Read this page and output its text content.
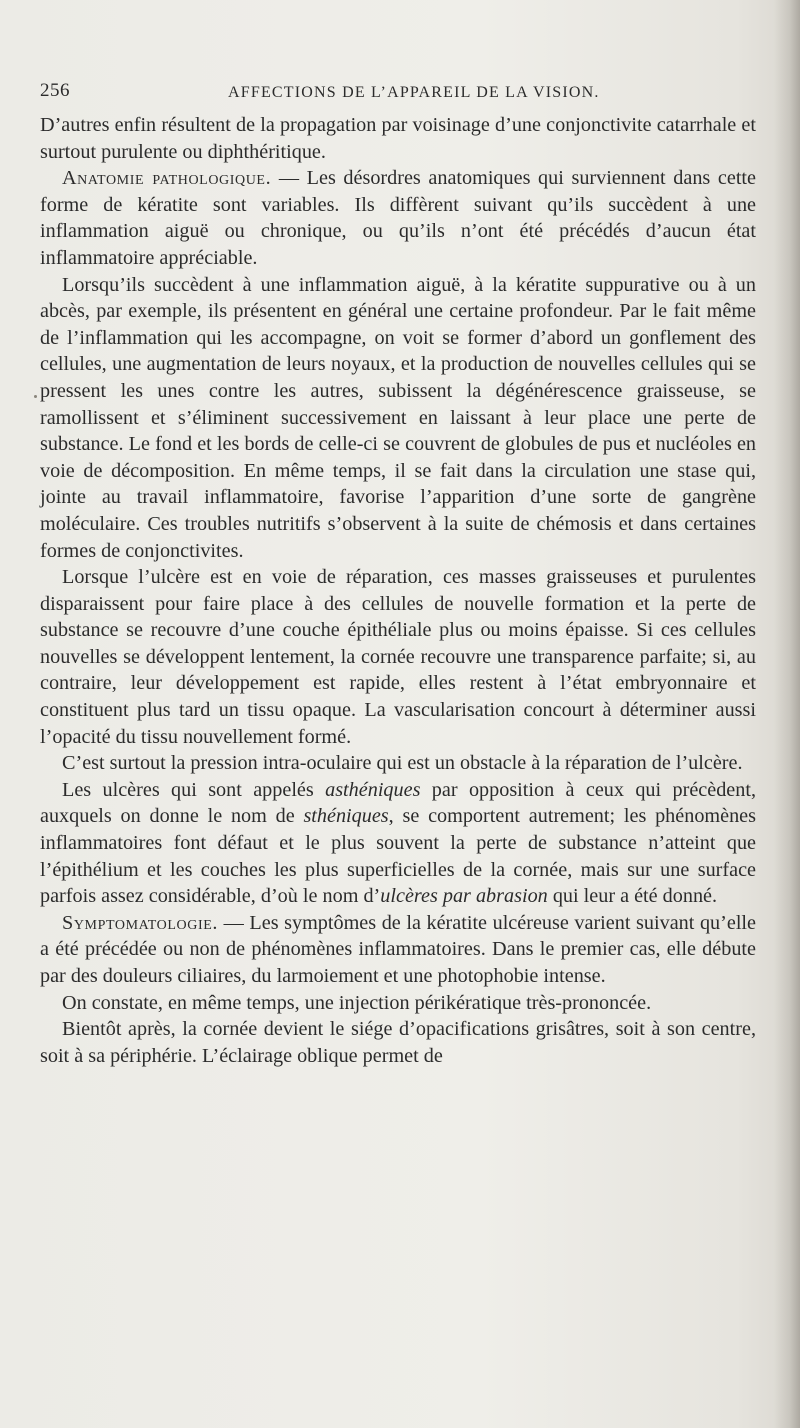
256	AFFECTIONS DE L’APPAREIL DE LA VISION.

D’autres enfin résultent de la propagation par voisinage d’une conjonctivite catarrhale et surtout purulente ou diphthéritique.

Anatomie pathologique. — Les désordres anatomiques qui surviennent dans cette forme de kératite sont variables. Ils diffèrent suivant qu’ils succèdent à une inflammation aiguë ou chronique, ou qu’ils n’ont été précédés d’aucun état inflammatoire appréciable.

Lorsqu’ils succèdent à une inflammation aiguë, à la kératite suppurative ou à un abcès, par exemple, ils présentent en général une certaine profondeur. Par le fait même de l’inflammation qui les accompagne, on voit se former d’abord un gonflement des cellules, une augmentation de leurs noyaux, et la production de nouvelles cellules qui se pressent les unes contre les autres, subissent la dégénérescence graisseuse, se ramollissent et s’éliminent successivement en laissant à leur place une perte de substance. Le fond et les bords de celle-ci se couvrent de globules de pus et nucléoles en voie de décomposition. En même temps, il se fait dans la circulation une stase qui, jointe au travail inflammatoire, favorise l’apparition d’une sorte de gangrène moléculaire. Ces troubles nutritifs s’observent à la suite de chémosis et dans certaines formes de conjonctivites.

Lorsque l’ulcère est en voie de réparation, ces masses graisseuses et purulentes disparaissent pour faire place à des cellules de nouvelle formation et la perte de substance se recouvre d’une couche épithéliale plus ou moins épaisse. Si ces cellules nouvelles se développent lentement, la cornée recouvre une transparence parfaite; si, au contraire, leur développement est rapide, elles restent à l’état embryonnaire et constituent plus tard un tissu opaque. La vascularisation concourt à déterminer aussi l’opacité du tissu nouvellement formé.

C’est surtout la pression intra-oculaire qui est un obstacle à la réparation de l’ulcère.

Les ulcères qui sont appelés asthéniques par opposition à ceux qui précèdent, auxquels on donne le nom de sthéniques, se comportent autrement; les phénomènes inflammatoires font défaut et le plus souvent la perte de substance n’atteint que l’épithélium et les couches les plus superficielles de la cornée, mais sur une surface parfois assez considérable, d’où le nom d’ulcères par abrasion qui leur a été donné.

Symptomatologie. — Les symptômes de la kératite ulcéreuse varient suivant qu’elle a été précédée ou non de phénomènes inflammatoires. Dans le premier cas, elle débute par des douleurs ciliaires, du larmoiement et une photophobie intense.

On constate, en même temps, une injection périkératique très-prononcée.

Bientôt après, la cornée devient le siége d’opacifications grisâtres, soit à son centre, soit à sa périphérie. L’éclairage oblique permet de
